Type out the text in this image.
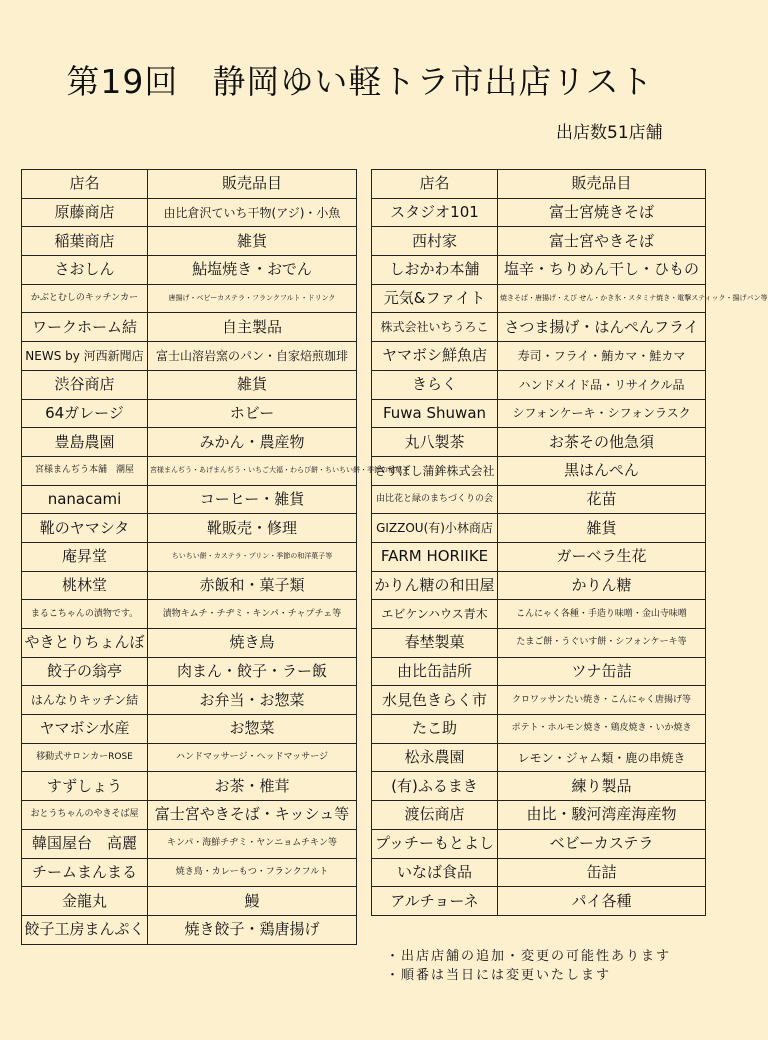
第19回　静岡ゆい軽トラ市出店リスト
出店数51店舗
店名	販売品目
原藤商店	由比倉沢ていち干物(アジ)・小魚
稲葉商店	雑貨
さおしん	鮎塩焼き・おでん
かぶとむしのキッチンカー	唐揚げ・ベビーカステラ・フランクフルト・ドリンク
ワークホーム結	自主製品
NEWS by 河西新聞店	富士山溶岩窯のパン・自家焙煎珈琲
渋谷商店	雑貨
64ガレージ	ホビー
豊島農園	みかん・農産物
宮様まんぢう本舗　潮屋	宮様まんぢう・あげまんぢう・いちご大福・わらび餅・ちいちい餅・季節の和菓子
nanacami	コーヒー・雑貨
靴のヤマシタ	靴販売・修理
庵昇堂	ちいちい餅・カステラ・プリン・季節の和洋菓子等
桃林堂	赤飯和・菓子類
まるこちゃんの漬物です。	漬物キムチ・チヂミ・キンパ・チャプチェ等
やきとりちょんぼ	焼き鳥
餃子の翁亭	肉まん・餃子・ラー飯
はんなりキッチン結	お弁当・お惣菜
ヤマボシ水産	お惣菜
移動式サロンカーROSE	ハンドマッサージ・ヘッドマッサージ
すずしょう	お茶・椎茸
おとうちゃんのやきそば屋	富士宮やきそば・キッシュ等
韓国屋台　高麗	キンパ・海鮮チヂミ・ヤンニョムチキン等
チームまんまる	焼き鳥・カレーもつ・フランクフルト
金龍丸	鰻
餃子工房まんぷく	焼き餃子・鶏唐揚げ
店名	販売品目
スタジオ101	富士宮焼きそば
西村家	富士宮やきそば
しおかわ本舗	塩辛・ちりめん干し・ひもの
元気&ファイト	焼きそば・唐揚げ・えび せん・かき氷・スタミナ焼き・電撃スティック・揚げパン等
株式会社いちうろこ	さつま揚げ・はんぺんフライ
ヤマボシ鮮魚店	寿司・フライ・鮪カマ・鮭カマ
きらく	ハンドメイド品・リサイクル品
Fuwa Shuwan	シフォンケーキ・シフォンラスク
丸八製茶	お茶その他急須
さすぼし蒲鉾株式会社	黒はんぺん
由比花と緑のまちづくりの会	花苗
GIZZOU(有)小林商店	雑貨
FARM HORIIKE	ガーベラ生花
かりん糖の和田屋	かりん糖
エビケンハウス青木	こんにゃく各種・手造り味噌・金山寺味噌
春埜製菓	たまご餅・うぐいす餅・シフォンケーキ等
由比缶詰所	ツナ缶詰
水見色きらく市	クロワッサンたい焼き・こんにゃく唐揚げ等
たこ助	ポテト・ホルモン焼き・鶏皮焼き・いか焼き
松永農園	レモン・ジャム類・鹿の串焼き
(有)ふるまき	練り製品
渡伝商店	由比・駿河湾産海産物
プッチーもとよし	ベビーカステラ
いなば食品	缶詰
アルチョーネ	パイ各種
・出店店舗の追加・変更の可能性あります
・順番は当日には変更いたします
